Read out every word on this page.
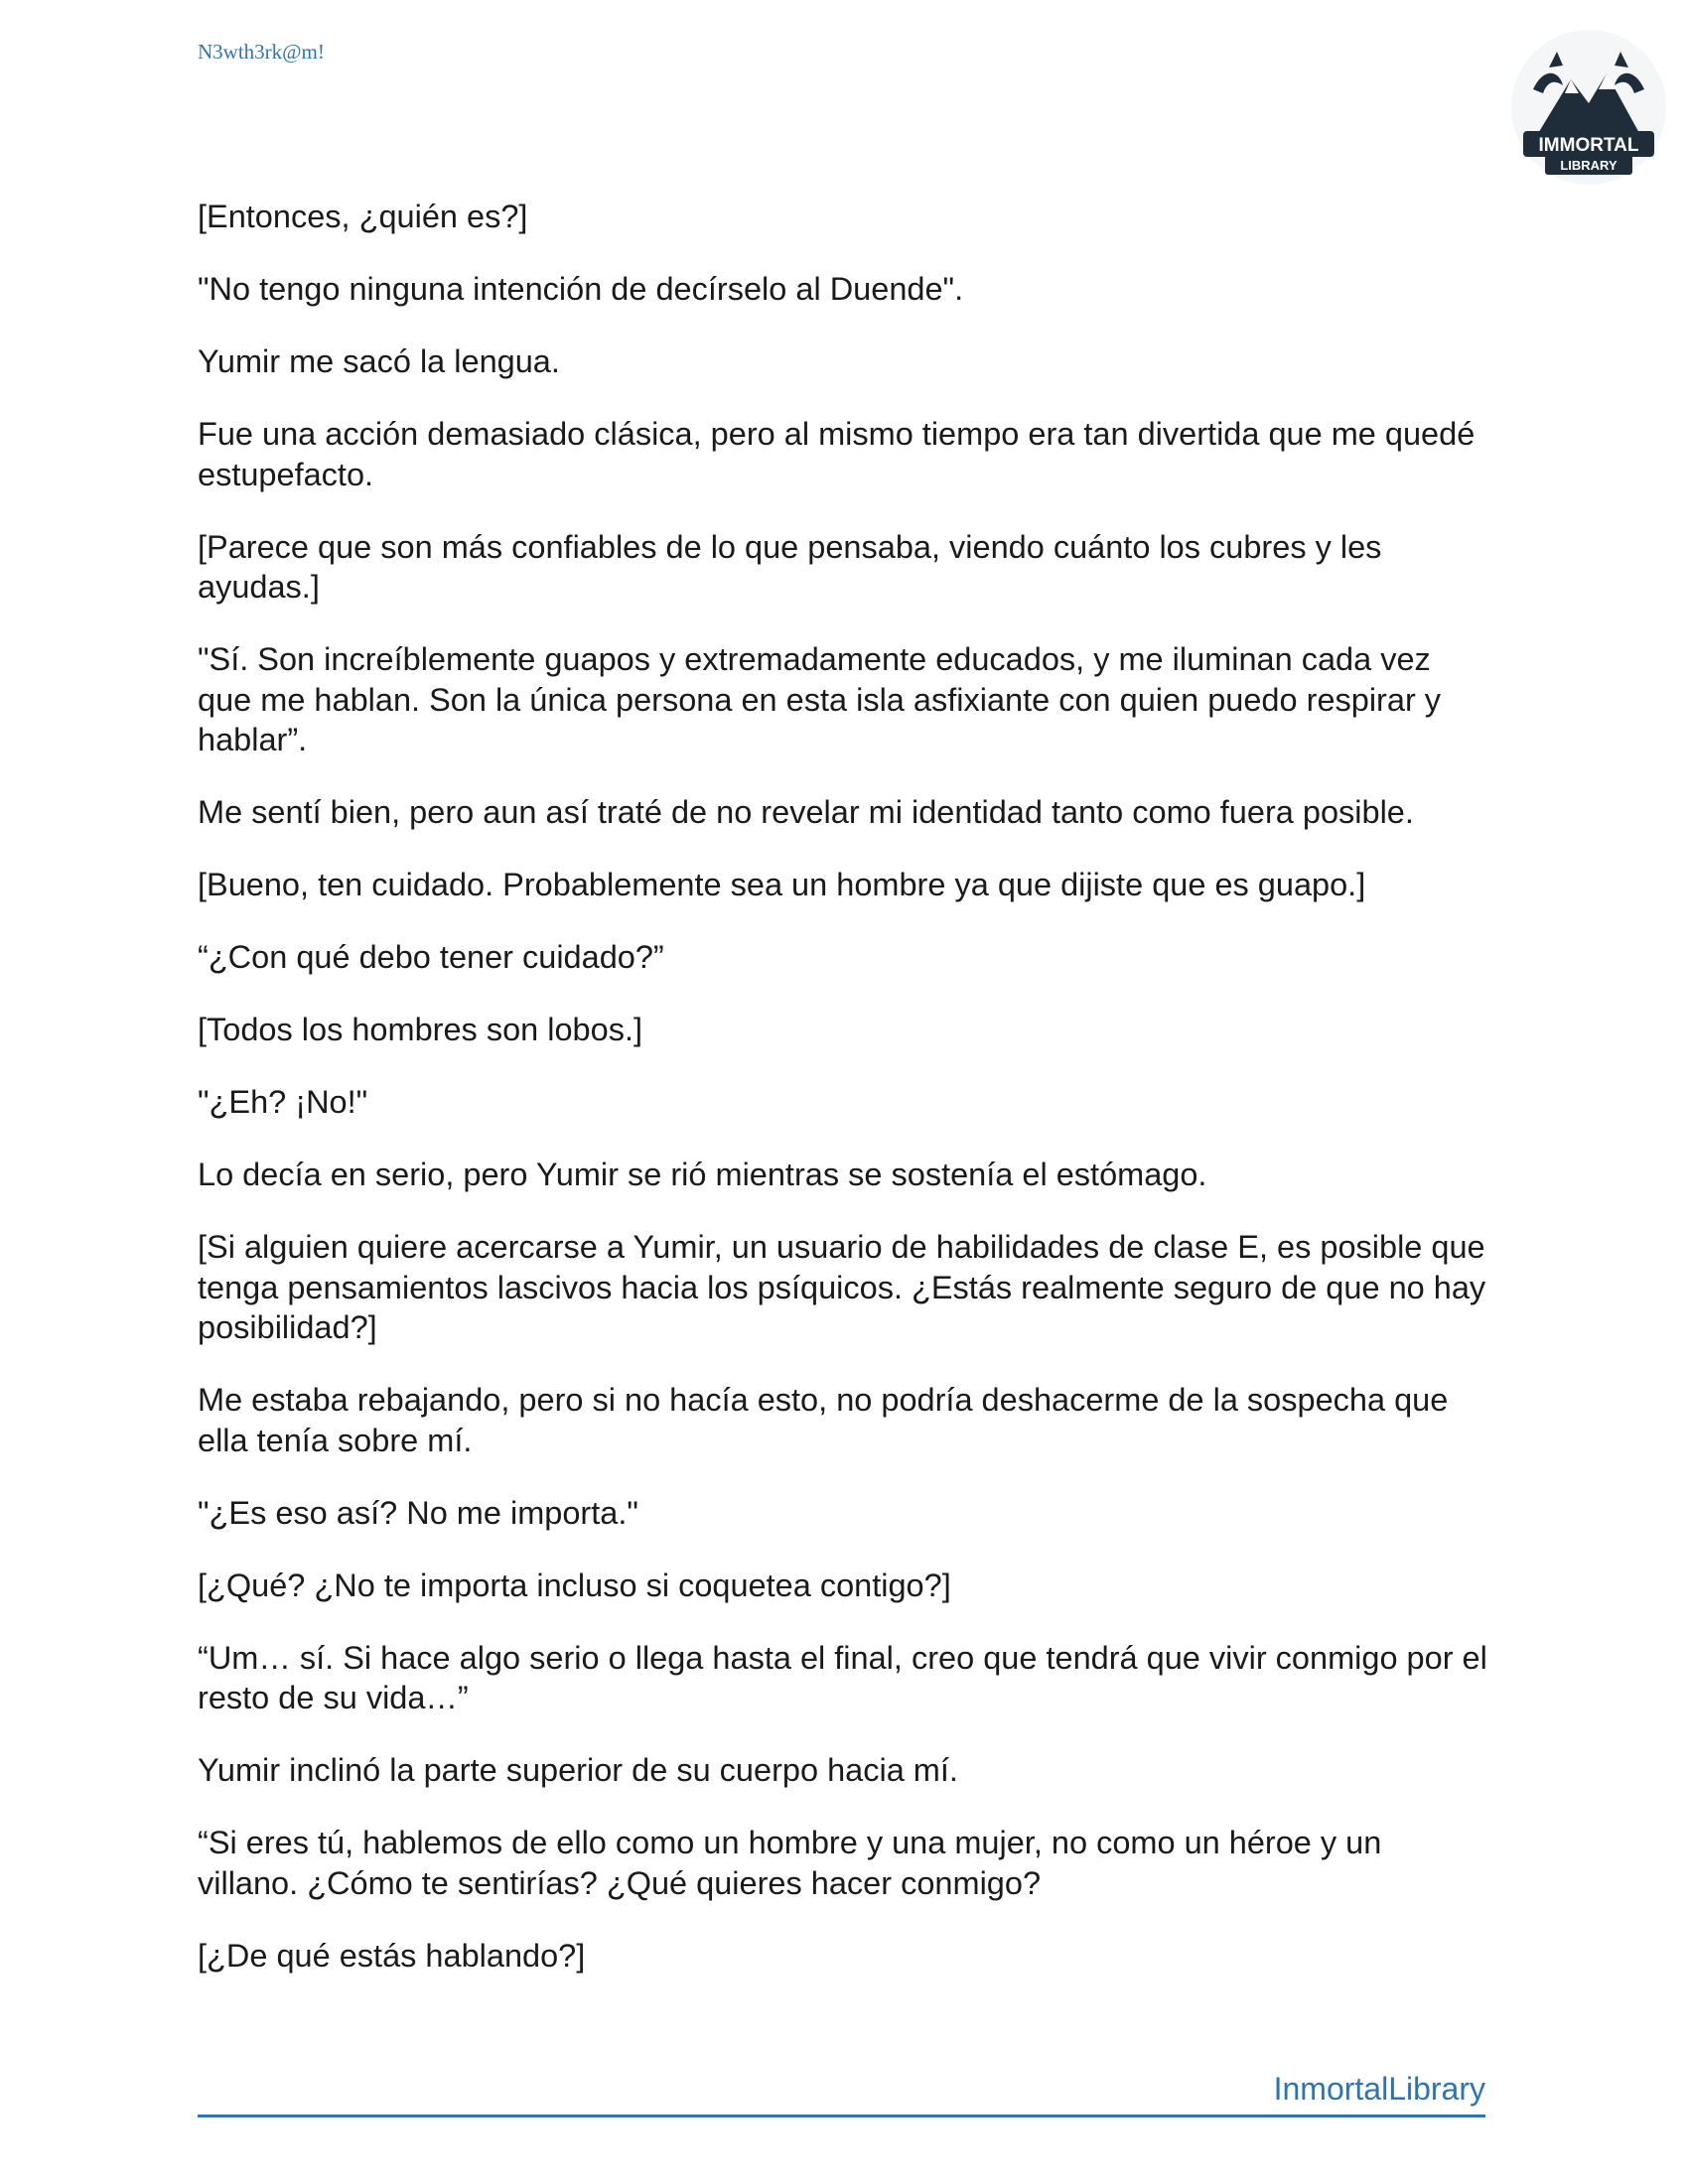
N3wth3rk@m!
IMMORTAL
LIBRARY

[Entonces, ¿quién es?]

"No tengo ninguna intención de decírselo al Duende".

Yumir me sacó la lengua.

Fue una acción demasiado clásica, pero al mismo tiempo era tan divertida que me quedé estupefacto.

[Parece que son más confiables de lo que pensaba, viendo cuánto los cubres y les ayudas.]

"Sí. Son increíblemente guapos y extremadamente educados, y me iluminan cada vez que me hablan. Son la única persona en esta isla asfixiante con quien puedo respirar y hablar”.

Me sentí bien, pero aun así traté de no revelar mi identidad tanto como fuera posible.

[Bueno, ten cuidado. Probablemente sea un hombre ya que dijiste que es guapo.]

“¿Con qué debo tener cuidado?”

[Todos los hombres son lobos.]

"¿Eh? ¡No!"

Lo decía en serio, pero Yumir se rió mientras se sostenía el estómago.

[Si alguien quiere acercarse a Yumir, un usuario de habilidades de clase E, es posible que tenga pensamientos lascivos hacia los psíquicos. ¿Estás realmente seguro de que no hay posibilidad?]

Me estaba rebajando, pero si no hacía esto, no podría deshacerme de la sospecha que ella tenía sobre mí.

"¿Es eso así? No me importa."

[¿Qué? ¿No te importa incluso si coquetea contigo?]

“Um… sí. Si hace algo serio o llega hasta el final, creo que tendrá que vivir conmigo por el resto de su vida…”

Yumir inclinó la parte superior de su cuerpo hacia mí.

“Si eres tú, hablemos de ello como un hombre y una mujer, no como un héroe y un villano. ¿Cómo te sentirías? ¿Qué quieres hacer conmigo?

[¿De qué estás hablando?]

InmortalLibrary
